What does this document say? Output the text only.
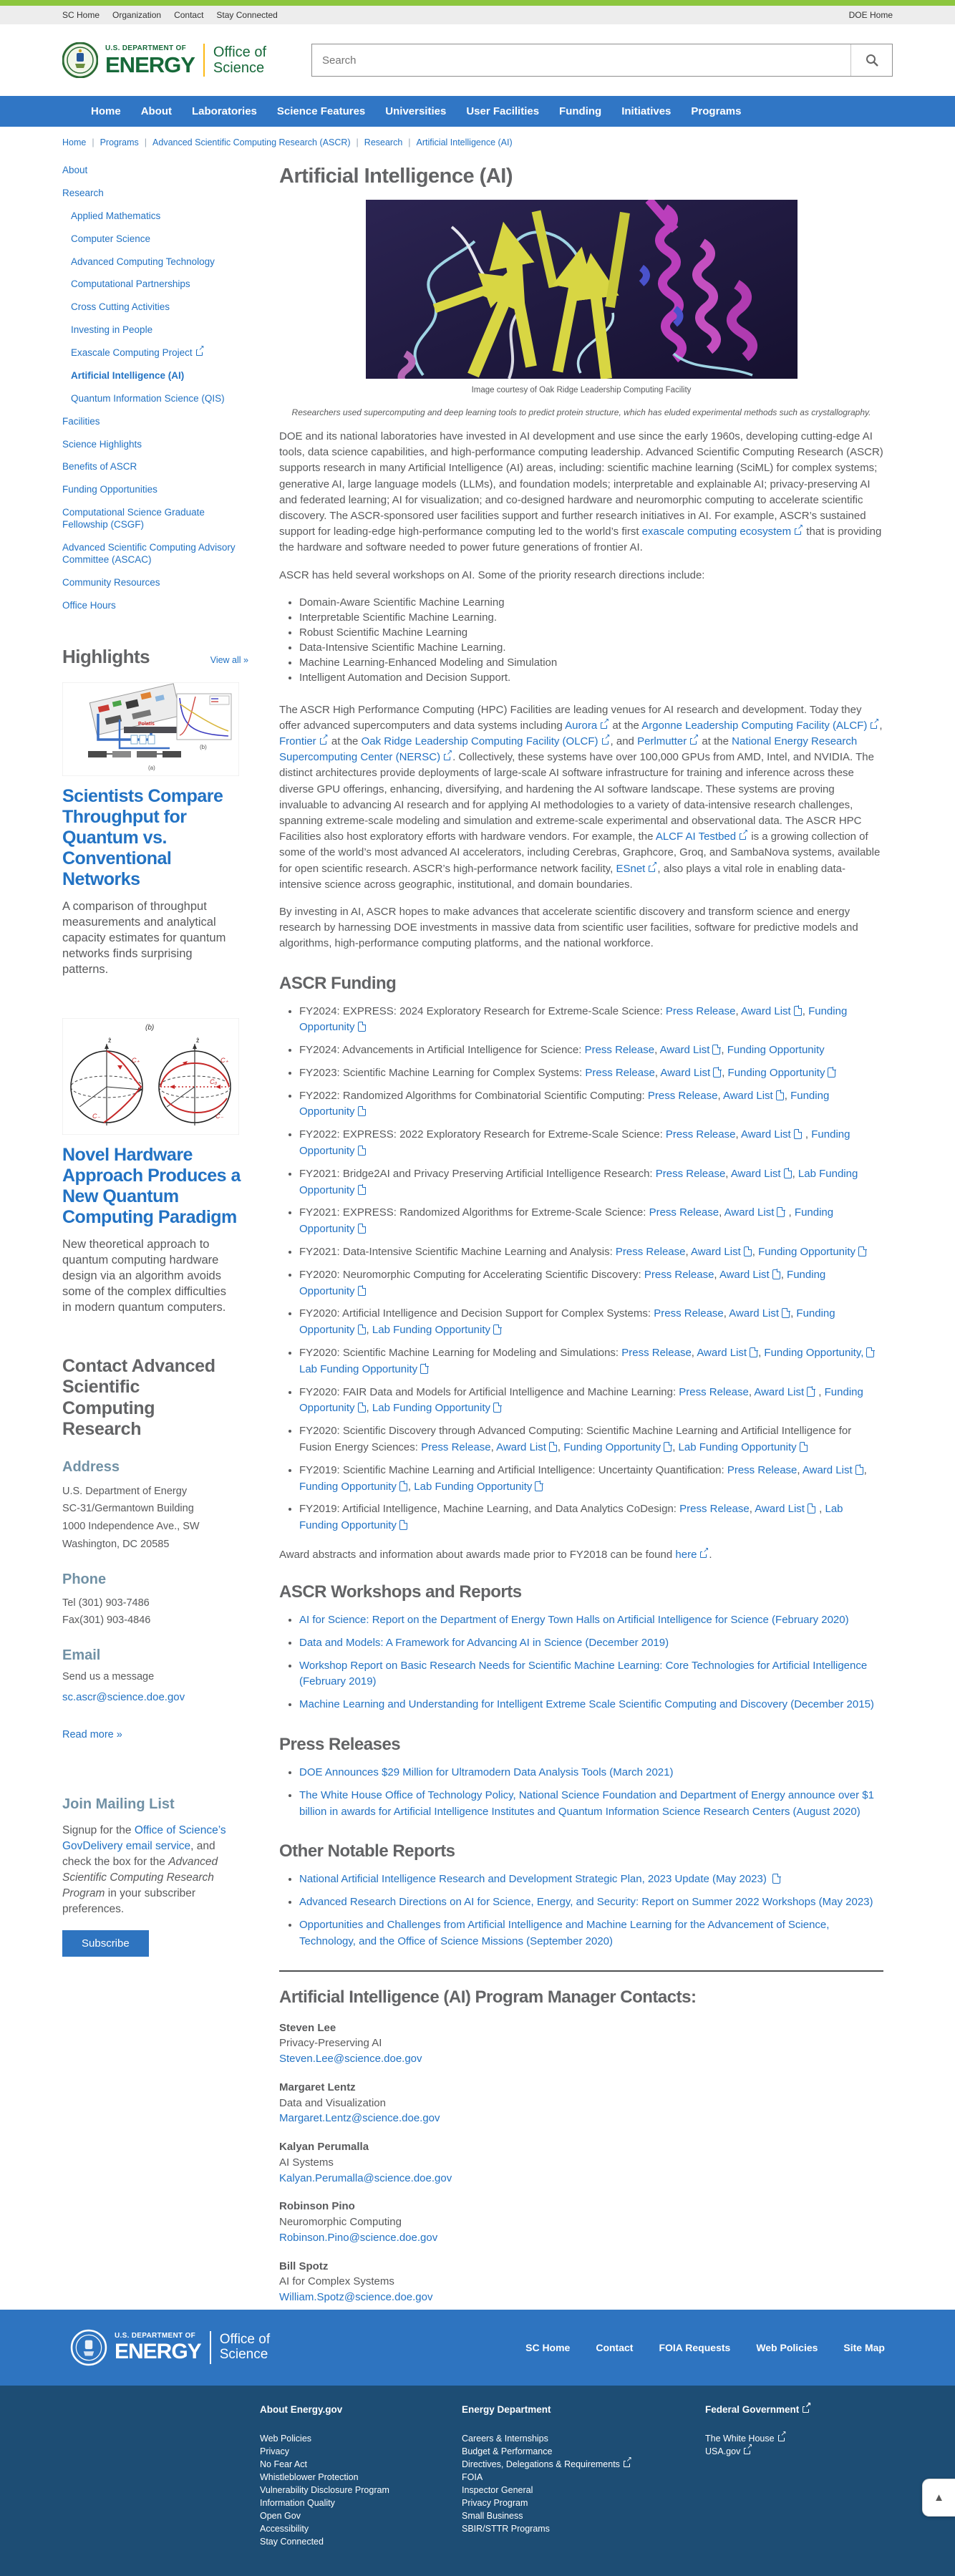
SC Home Organization Contact Stay Connected	DOE Home
U.S. DEPARTMENT OF
ENERGY Office of
Science
Search
Home	About	Laboratories	Science Features	Universities	User Facilities	Funding	Initiatives	Programs
Home | Programs | Advanced Scientific Computing Research (ASCR) | Research | Artificial Intelligence (AI)
About
Research
Applied Mathematics
Computer Science
Advanced Computing Technology
Computational Partnerships
Cross Cutting Activities
Investing in People
Exascale Computing Project↗
Artificial Intelligence (AI)
Quantum Information Science (QIS)
Facilities
Science Highlights
Benefits of ASCR
Funding Opportunities
Computational Science Graduate Fellowship (CSGF)
Advanced Scientific Computing Advisory Committee (ASCAC)
Community Resources
Office Hours
Highlights	View all »
Polatis
(a)
(b)
Scientists Compare Throughput for Quantum vs. Conventional Networks
A comparison of throughput measurements and analytical capacity estimates for quantum networks finds surprising patterns.
(b)
ẑ
C₊
C₋
ẑ
C₊
C₀
C₋
Novel Hardware Approach Produces a New Quantum Computing Paradigm
New theoretical approach to quantum computing hardware design via an algorithm avoids some of the complex difficulties in modern quantum computers.
Contact Advanced Scientific Computing Research
Address
U.S. Department of Energy
SC-31/Germantown Building
1000 Independence Ave., SW
Washington, DC 20585
Phone
Tel (301) 903-7486
Fax(301) 903-4846
Email
Send us a message
sc.ascr@science.doe.gov
Read more »
Join Mailing List
Signup for the Office of Science’s GovDelivery email service, and check the box for the Advanced Scientific Computing Research Program in your subscriber preferences.
Subscribe
Artificial Intelligence (AI)
Image courtesy of Oak Ridge Leadership Computing Facility
Researchers used supercomputing and deep learning tools to predict protein structure, which has eluded experimental methods such as crystallography.

DOE and its national laboratories have invested in AI development and use since the early 1960s, developing cutting-edge AI tools, data science capabilities, and high-performance computing leadership. Advanced Scientific Computing Research (ASCR) supports research in many Artificial Intelligence (AI) areas, including: scientific machine learning (SciML) for complex systems; generative AI, large language models (LLMs), and foundation models; interpretable and explainable AI; privacy-preserving AI and federated learning; AI for visualization; and co-designed hardware and neuromorphic computing to accelerate scientific discovery. The ASCR-sponsored user facilities support and further research initiatives in AI. For example, ASCR’s sustained support for leading-edge high-performance computing led to the world’s first exascale computing ecosystem↗ that is providing the hardware and software needed to power future generations of frontier AI.

ASCR has held several workshops on AI. Some of the priority research directions include:

• Domain-Aware Scientific Machine Learning
• Interpretable Scientific Machine Learning.
• Robust Scientific Machine Learning
• Data-Intensive Scientific Machine Learning.
• Machine Learning-Enhanced Modeling and Simulation
• Intelligent Automation and Decision Support.

The ASCR High Performance Computing (HPC) Facilities are leading venues for AI research and development. Today they offer advanced supercomputers and data systems including Aurora↗ at the Argonne Leadership Computing Facility (ALCF)↗ , Frontier↗ at the Oak Ridge Leadership Computing Facility (OLCF) ↗ , and Perlmutter↗ at the National Energy Research Supercomputing Center (NERSC) ↗ . Collectively, these systems have over 100,000 GPUs from AMD, Intel, and NVIDIA. The distinct architectures provide deployments of large-scale AI software infrastructure for training and inference across these diverse GPU offerings, enhancing, diversifying, and hardening the AI software landscape. These systems are proving invaluable to advancing AI research and for applying AI methodologies to a variety of data-intensive research challenges, spanning extreme-scale modeling and simulation and extreme-scale experimental and observational data. The ASCR HPC Facilities also host exploratory efforts with hardware vendors. For example, the ALCF AI Testbed↗ is a growing collection of some of the world’s most advanced AI accelerators, including Cerebras, Graphcore, Groq, and SambaNova systems, available for open scientific research. ASCR’s high-performance network facility, ESnet ↗ , also plays a vital role in enabling data-intensive science across geographic, institutional, and domain boundaries.

By investing in AI, ASCR hopes to make advances that accelerate scientific discovery and transform science and energy research by harnessing DOE investments in massive data from scientific user facilities, software for predictive models and algorithms, high-performance computing platforms, and the national workforce.

ASCR Funding
• FY2024: EXPRESS: 2024 Exploratory Research for Extreme-Scale Science: Press Release, Award List , Funding Opportunity
• FY2024: Advancements in Artificial Intelligence for Science: Press Release, Award List , Funding Opportunity
• FY2023: Scientific Machine Learning for Complex Systems: Press Release, Award List , Funding Opportunity
• FY2022: Randomized Algorithms for Combinatorial Scientific Computing: Press Release, Award List , Funding Opportunity
• FY2022: EXPRESS: 2022 Exploratory Research for Extreme-Scale Science: Press Release, Award List , Funding Opportunity
• FY2021: Bridge2AI and Privacy Preserving Artificial Intelligence Research: Press Release, Award List , Lab Funding Opportunity
• FY2021: EXPRESS: Randomized Algorithms for Extreme-Scale Science: Press Release, Award List , Funding Opportunity
• FY2021: Data-Intensive Scientific Machine Learning and Analysis: Press Release, Award List , Funding Opportunity
• FY2020: Neuromorphic Computing for Accelerating Scientific Discovery: Press Release, Award List , Funding Opportunity
• FY2020: Artificial Intelligence and Decision Support for Complex Systems: Press Release, Award List , Funding Opportunity , Lab Funding Opportunity
• FY2020: Scientific Machine Learning for Modeling and Simulations: Press Release, Award List , Funding Opportunity, Lab Funding Opportunity
• FY2020: FAIR Data and Models for Artificial Intelligence and Machine Learning: Press Release, Award List , Funding Opportunity , Lab Funding Opportunity
• FY2020: Scientific Discovery through Advanced Computing: Scientific Machine Learning and Artificial Intelligence for Fusion Energy Sciences: Press Release, Award List , Funding Opportunity , Lab Funding Opportunity
• FY2019: Scientific Machine Learning and Artificial Intelligence: Uncertainty Quantification: Press Release, Award List , Funding Opportunity , Lab Funding Opportunity
• FY2019: Artificial Intelligence, Machine Learning, and Data Analytics CoDesign: Press Release, Award List , Lab Funding Opportunity

Award abstracts and information about awards made prior to FY2018 can be found here ↗ .

ASCR Workshops and Reports
• AI for Science: Report on the Department of Energy Town Halls on Artificial Intelligence for Science (February 2020)
• Data and Models: A Framework for Advancing AI in Science (December 2019)
• Workshop Report on Basic Research Needs for Scientific Machine Learning: Core Technologies for Artificial Intelligence (February 2019)
• Machine Learning and Understanding for Intelligent Extreme Scale Scientific Computing and Discovery (December 2015)
Press Releases
• DOE Announces $29 Million for Ultramodern Data Analysis Tools (March 2021)
• The White House Office of Technology Policy, National Science Foundation and Department of Energy announce over $1 billion in awards for Artificial Intelligence Institutes and Quantum Information Science Research Centers (August 2020)
Other Notable Reports
• National Artificial Intelligence Research and Development Strategic Plan, 2023 Update (May 2023)
• Advanced Research Directions on AI for Science, Energy, and Security: Report on Summer 2022 Workshops (May 2023)
• Opportunities and Challenges from Artificial Intelligence and Machine Learning for the Advancement of Science, Technology, and the Office of Science Missions (September 2020)
Artificial Intelligence (AI) Program Manager Contacts:
Steven Lee
Privacy-Preserving AI
Steven.Lee@science.doe.gov
Margaret Lentz
Data and Visualization
Margaret.Lentz@science.doe.gov
Kalyan Perumalla
AI Systems
Kalyan.Perumalla@science.doe.gov
Robinson Pino
Neuromorphic Computing
Robinson.Pino@science.doe.gov
Bill Spotz
AI for Complex Systems
William.Spotz@science.doe.gov
U.S. DEPARTMENT OF
ENERGY
Office of
Science	SC Home	Contact	FOIA Requests	Web Policies	Site Map
About Energy.gov
Web Policies
Privacy
No Fear Act
Whistleblower Protection
Vulnerability Disclosure Program
Information Quality
Open Gov
Accessibility
Stay Connected
Energy Department
Careers & Internships
Budget & Performance
Directives, Delegations & Requirements↗
FOIA
Inspector General
Privacy Program
Small Business
SBIR/STTR Programs
Federal Government↗
The White House↗
USA.gov↗
▲
